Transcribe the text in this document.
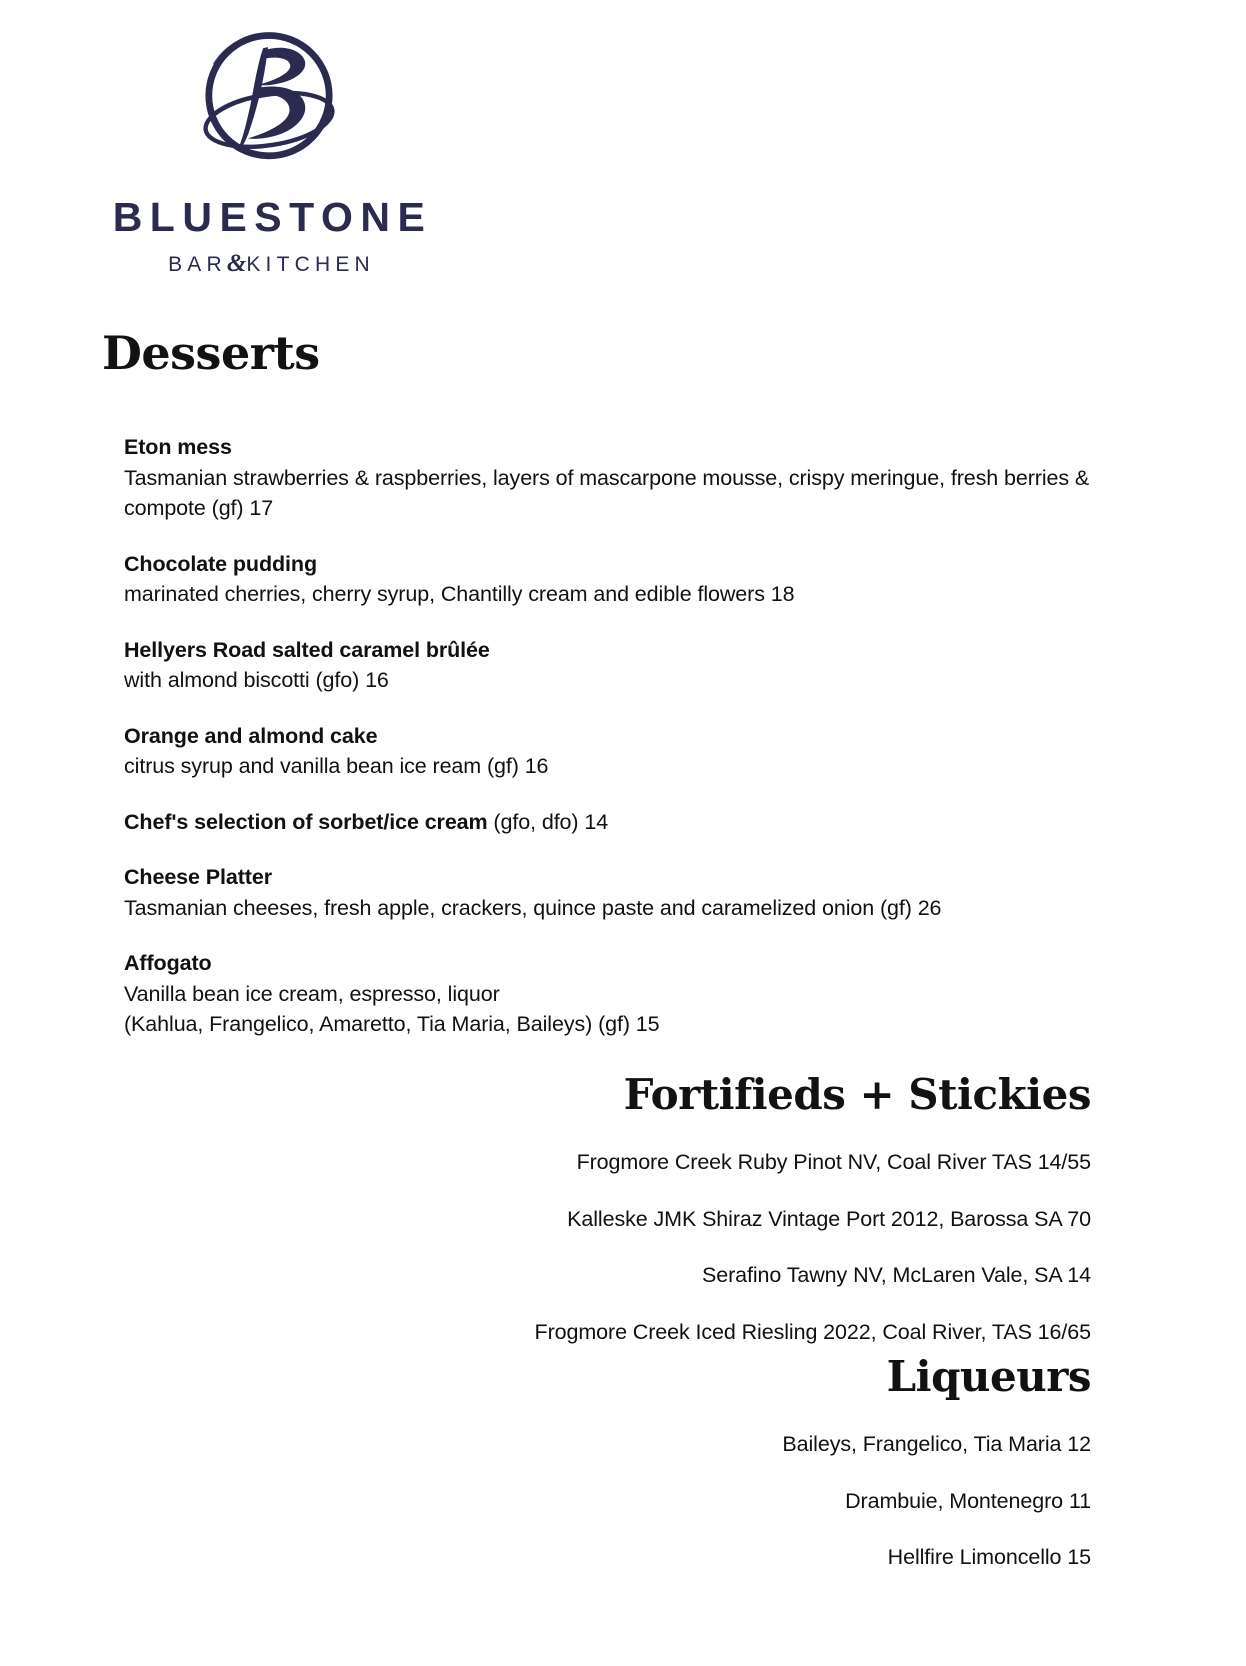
BLUESTONE
BAR&KITCHEN
Desserts
Eton mess
Tasmanian strawberries & raspberries, layers of mascarpone mousse, crispy meringue, fresh berries & compote (gf) 17
Chocolate pudding
marinated cherries, cherry syrup, Chantilly cream and edible flowers 18
Hellyers Road salted caramel brûlée
with almond biscotti (gfo) 16
Orange and almond cake
citrus syrup and vanilla bean ice ream (gf) 16
Chef's selection of sorbet/ice cream (gfo, dfo) 14
Cheese Platter
Tasmanian cheeses, fresh apple, crackers, quince paste and caramelized onion (gf) 26
Affogato
Vanilla bean ice cream, espresso, liquor
(Kahlua, Frangelico, Amaretto, Tia Maria, Baileys) (gf) 15
Fortifieds + Stickies
Frogmore Creek Ruby Pinot NV, Coal River TAS 14/55
Kalleske JMK Shiraz Vintage Port 2012, Barossa SA 70
Serafino Tawny NV, McLaren Vale, SA 14
Frogmore Creek Iced Riesling 2022, Coal River, TAS 16/65
Liqueurs
Baileys, Frangelico, Tia Maria 12
Drambuie, Montenegro 11
Hellfire Limoncello 15
